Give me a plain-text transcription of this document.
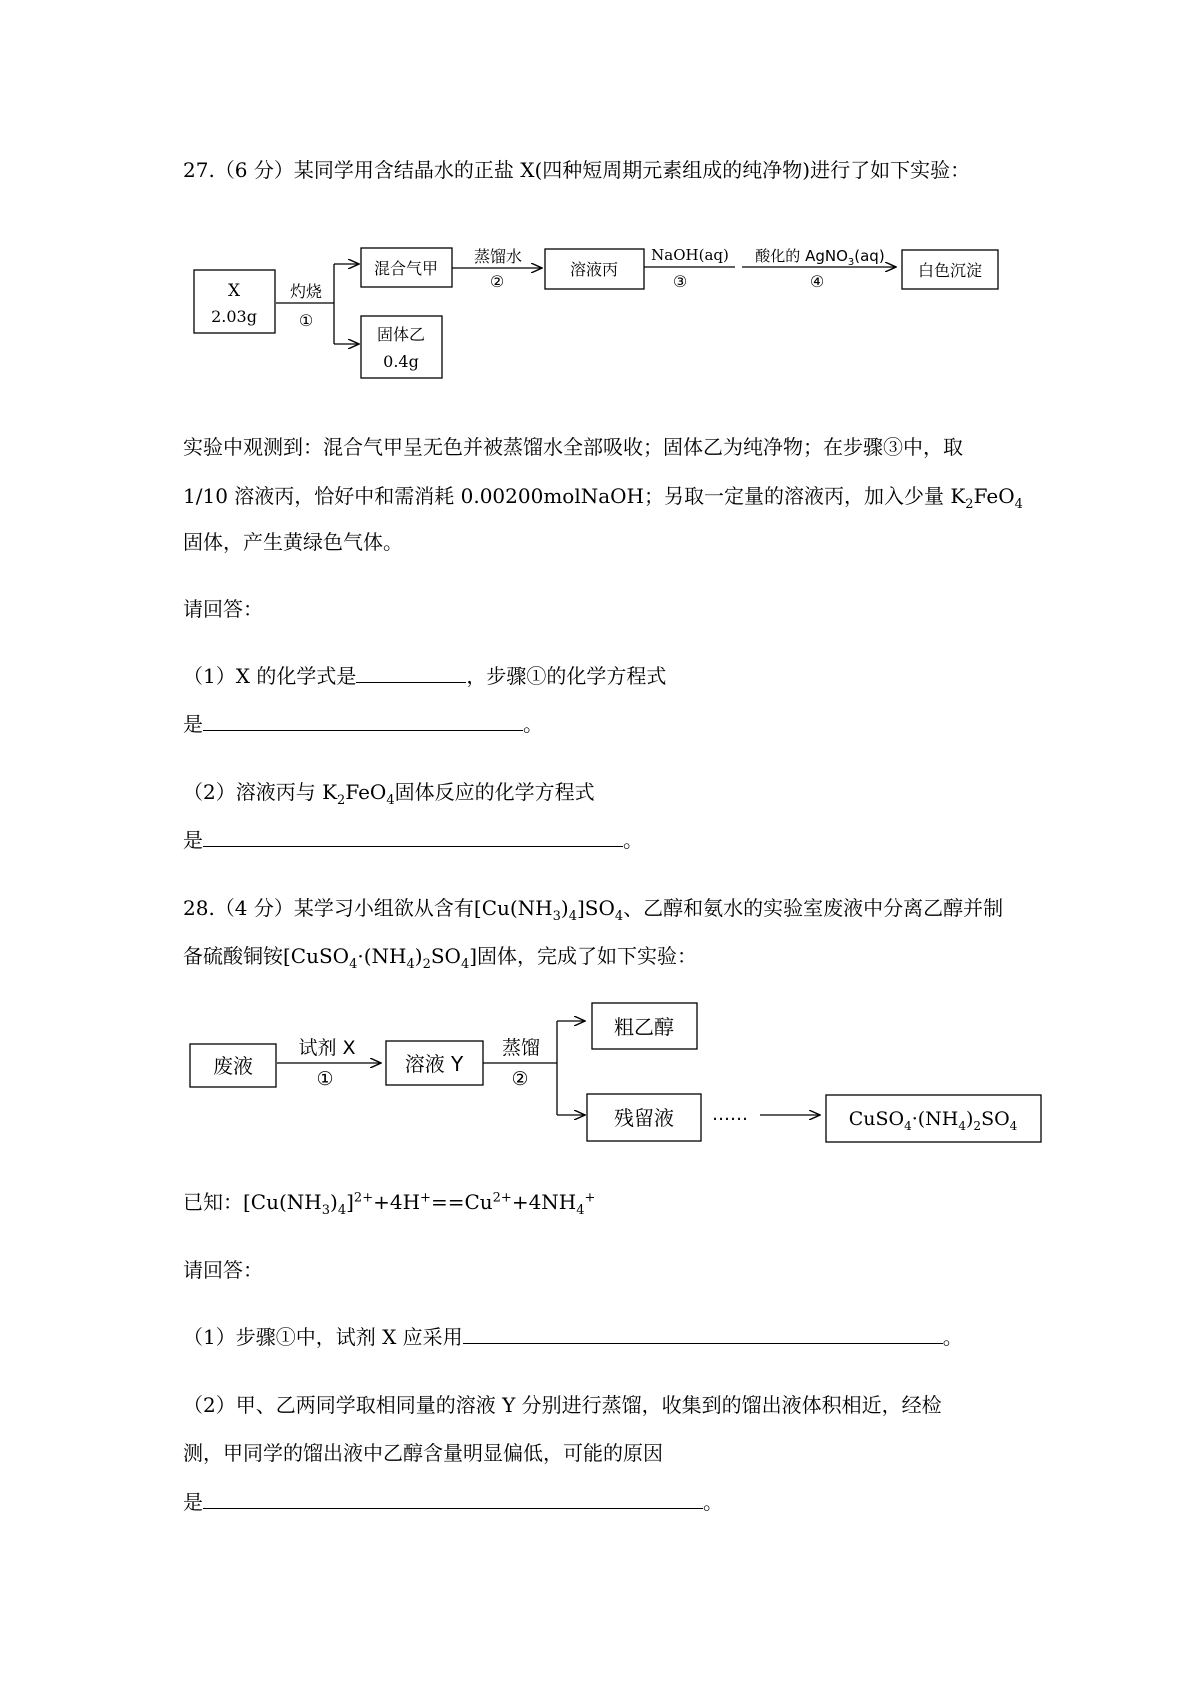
27.（6 分）某同学用含结晶水的正盐 X(四种短周期元素组成的纯净物)进行了如下实验：
X
2.03g
灼烧
①
混合气甲
固体乙
0.4g
蒸馏水
②
溶液丙
NaOH(aq)
③
酸化的 AgNO$_3$(aq)
④
白色沉淀
废液
试剂 X
①
溶液 Y
蒸馏
②
粗乙醇
残留液 ……	$CuSO_4\cdot(NH_4)_2SO_4$
实验中观测到：混合气甲呈无色并被蒸馏水全部吸收；固体乙为纯净物；在步骤③中，取
1/10 溶液丙，恰好中和需消耗 0.00200molNaOH；另取一定量的溶液丙，加入少量 $K_2FeO_4$
固体，产生黄绿色气体。
请回答：
（1）X 的化学式是	，步骤①的化学方程式
是	。
（2）溶液丙与 $K_2FeO_4$固体反应的化学方程式
是	。
28.（4 分）某学习小组欲从含有$[Cu(NH_3)_4]SO_4$、乙醇和氨水的实验室废液中分离乙醇并制
备硫酸铜铵$[CuSO_4\cdot(NH_4)_2SO_4]$固体，完成了如下实验：
已知：$[Cu(NH_3)_4]^{2+}+4H^+==Cu^{2+}+4NH_4^+$
请回答：
（1）步骤①中，试剂 X 应采用	。
（2）甲、乙两同学取相同量的溶液 Y 分别进行蒸馏，收集到的馏出液体积相近，经检
测，甲同学的馏出液中乙醇含量明显偏低，可能的原因
是	。
